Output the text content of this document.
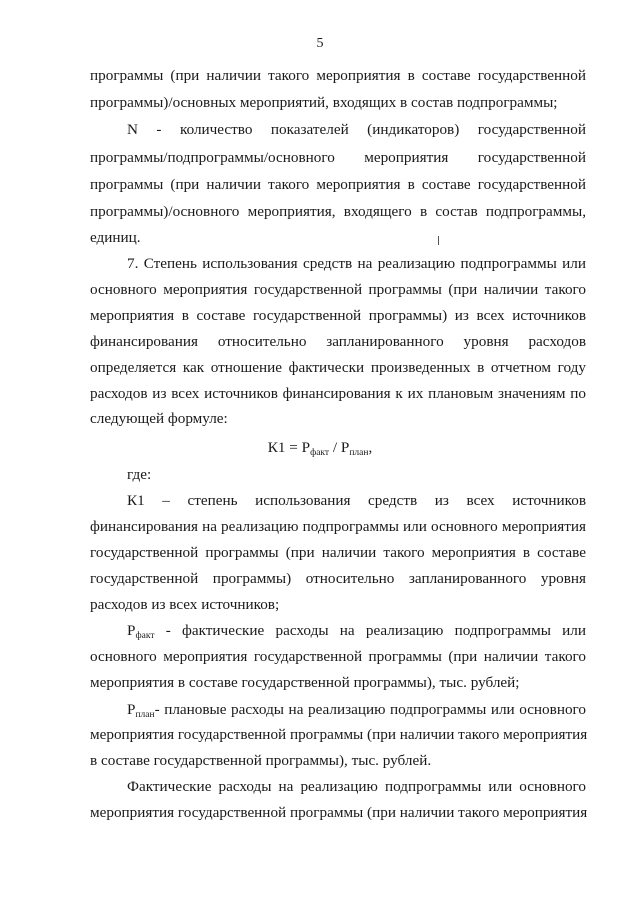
5
программы (при наличии такого мероприятия в составе государственной
программы)/основных мероприятий, входящих в состав подпрограммы;
N - количество показателей (индикаторов) государственной
программы/подпрограммы/основного мероприятия государственной
программы (при наличии такого мероприятия в составе государственной
программы)/основного мероприятия, входящего в состав подпрограммы,
единиц.
7. Степень использования средств на реализацию подпрограммы или
основного мероприятия государственной программы (при наличии такого
мероприятия в составе государственной программы) из всех источников
финансирования относительно запланированного уровня расходов
определяется как отношение фактически произведенных в отчетном году
расходов из всех источников финансирования к их плановым значениям по
следующей формуле:
$К1 = Р_{факт} / Р_{план}$,
где:
К1 – степень использования средств из всех источников
финансирования на реализацию подпрограммы или основного мероприятия
государственной программы (при наличии такого мероприятия в составе
государственной программы) относительно запланированного уровня
расходов из всех источников;
$Р_{факт}$ - фактические расходы на реализацию подпрограммы или
основного мероприятия государственной программы (при наличии такого
мероприятия в составе государственной программы), тыс. рублей;
$Р_{план}-$ плановые расходы на реализацию подпрограммы или основного
мероприятия государственной программы (при наличии такого мероприятия
в составе государственной программы), тыс. рублей.
Фактические расходы на реализацию подпрограммы или основного
мероприятия государственной программы (при наличии такого мероприятия
